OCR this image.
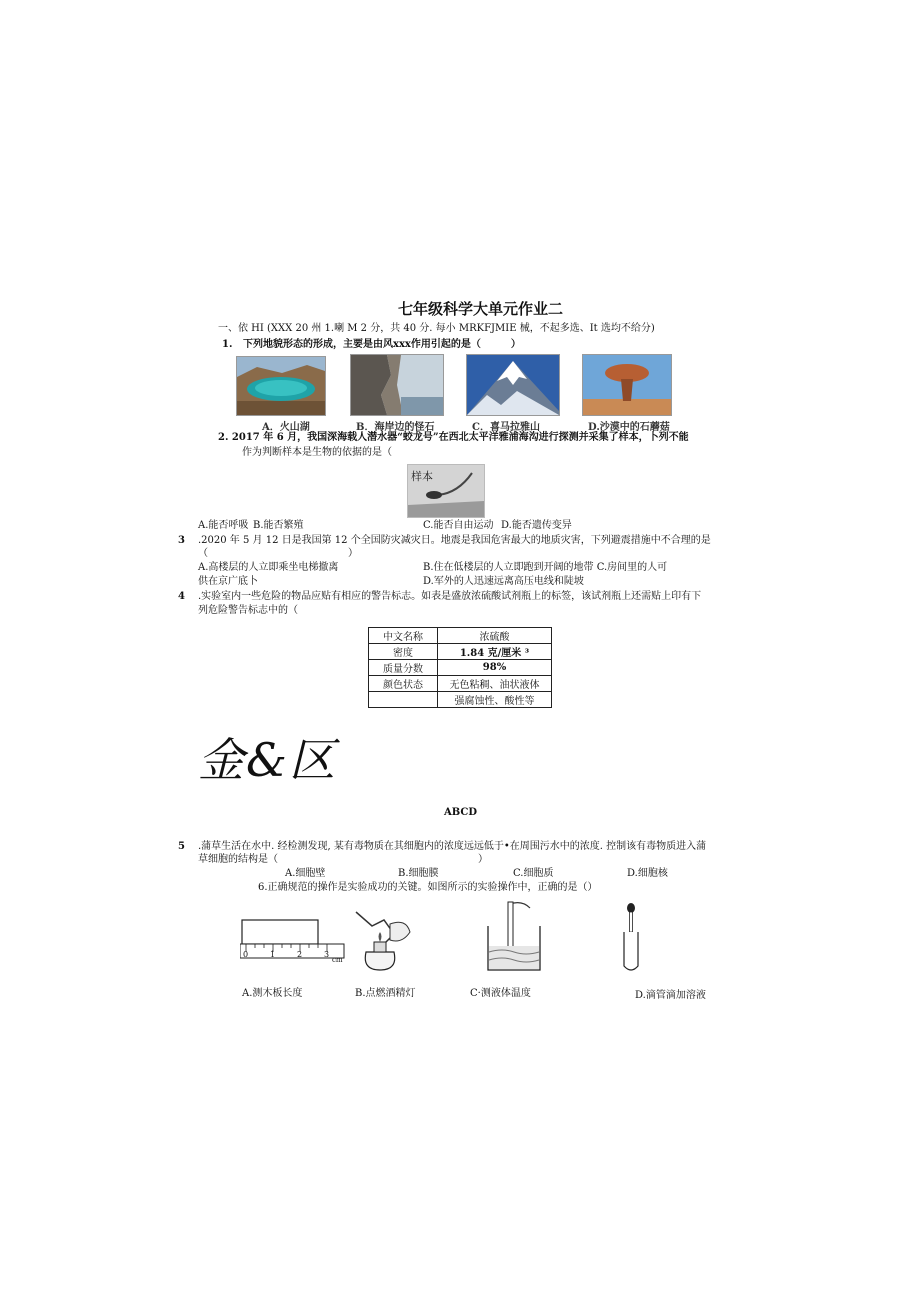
七年级科学大单元作业二
一、依 HI (XXX 20 州 1.喇 M 2 分，共 40 分. 每小 MRKFJMIE 械，不起多选、It 选均不给分)
1. 下列地貌形态的形成，主要是由风xxx作用引起的是（　　　）
A．火山湖	B．海岸边的怪石	C．喜马拉雅山	D.沙漠中的石蘑菇
2. 2017 年 6 月，我国深海载人潜水器“蛟龙号”在西北太平洋雅浦海沟进行探测并采集了样本，卜列不能
作为判断样本是生物的依据的是（
样本
A.能否呼吸 B.能否繁殖	C.能否自由运动 D.能否遗传变异
3 .2020 年 5 月 12 日是我国第 12 个全国防灾减灾日。地震是我国危害最大的地质灾害，下列避震措施中不合理的是
（　　　　　　　　　　　　　　）
A.高楼层的人立即乘坐电梯撤离	B.住在低楼层的人立即跑到开阔的地带 C.房间里的人可
供在京广底卜	D.军外的人迅速远离高压电线和陡坡
4 .实验室内一些危险的物品应贴有相应的警告标志。如表是盛放浓硫酸试剂瓶上的标签，该试剂瓶上还需贴上印有下
列危险警告标志中的（
中文名称	浓硫酸
密度	1.84 克/厘米 ³
质量分数	98%
颜色状态	无色粘稠、油状液体
	强腐蚀性、酸性等
金&区
ABCD
5 .蒲草生活在水中. 经检测发现, 某有毒物质在其细胞内的浓度远远低于•在周围污水中的浓度. 控制该有毒物质进入蒲
草细胞的结构是（　　　　　　　　　　　　　　　　　　　　）
A.细胞壁	B.细胞膜	C.细胞质	D.细胞核
6.正确规范的操作是实验成功的关键。如图所示的实验操作中，正确的是（）
0	1	2	3
cm
A.测木板长度	B.点燃酒精灯	C·测液体温度	D.滴管滴加溶液
